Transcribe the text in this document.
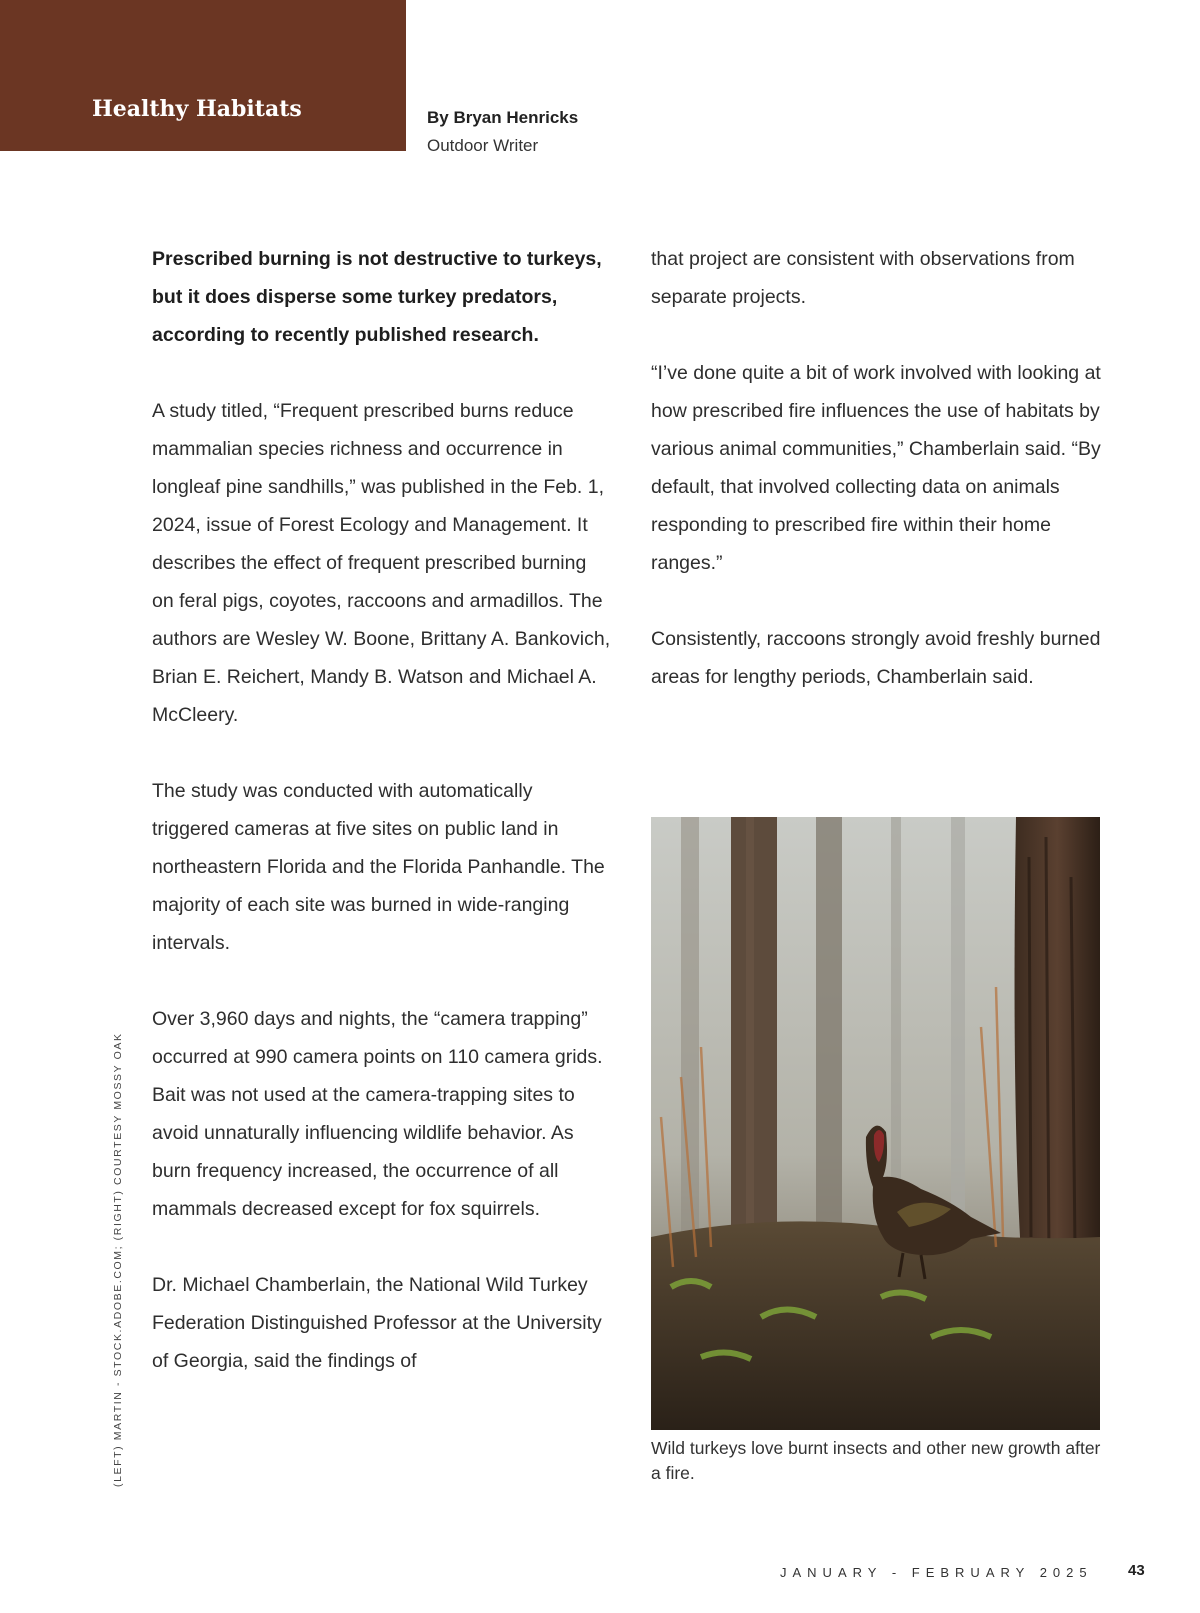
Healthy Habitats	By Bryan Henricks
Outdoor Writer

Prescribed burning is not destructive to turkeys, but it does disperse some turkey predators, according to recently published research.

A study titled, “Frequent prescribed burns reduce mammalian species richness and occurrence in longleaf pine sandhills,” was published in the Feb. 1, 2024, issue of Forest Ecology and Management. It describes the effect of frequent prescribed burning on feral pigs, coyotes, raccoons and armadillos. The authors are Wesley W. Boone, Brittany A. Bankovich, Brian E. Reichert, Mandy B. Watson and Michael A. McCleery.

The study was conducted with automatically triggered cameras at five sites on public land in northeastern Florida and the Florida Panhandle. The majority of each site was burned in wide-ranging intervals.

Over 3,960 days and nights, the “camera trapping” occurred at 990 camera points on 110 camera grids. Bait was not used at the camera-trapping sites to avoid unnaturally influencing wildlife behavior. As burn frequency increased, the occurrence of all mammals decreased except for fox squirrels.

Dr. Michael Chamberlain, the National Wild Turkey Federation Distinguished Professor at the University of Georgia, said the findings of

that project are consistent with observations from separate projects.

“I’ve done quite a bit of work involved with looking at how prescribed fire influences the use of habitats by various animal communities,” Chamberlain said. “By default, that involved collecting data on animals responding to prescribed fire within their home ranges.”

Consistently, raccoons strongly avoid freshly burned areas for lengthy periods, Chamberlain said.

Wild turkeys love burnt insects and other new growth after a fire.
(LEFT) MARTIN - STOCK.ADOBE.COM; (RIGHT) COURTESY MOSSY OAK
JANUARY - FEBRUARY 2025 43
